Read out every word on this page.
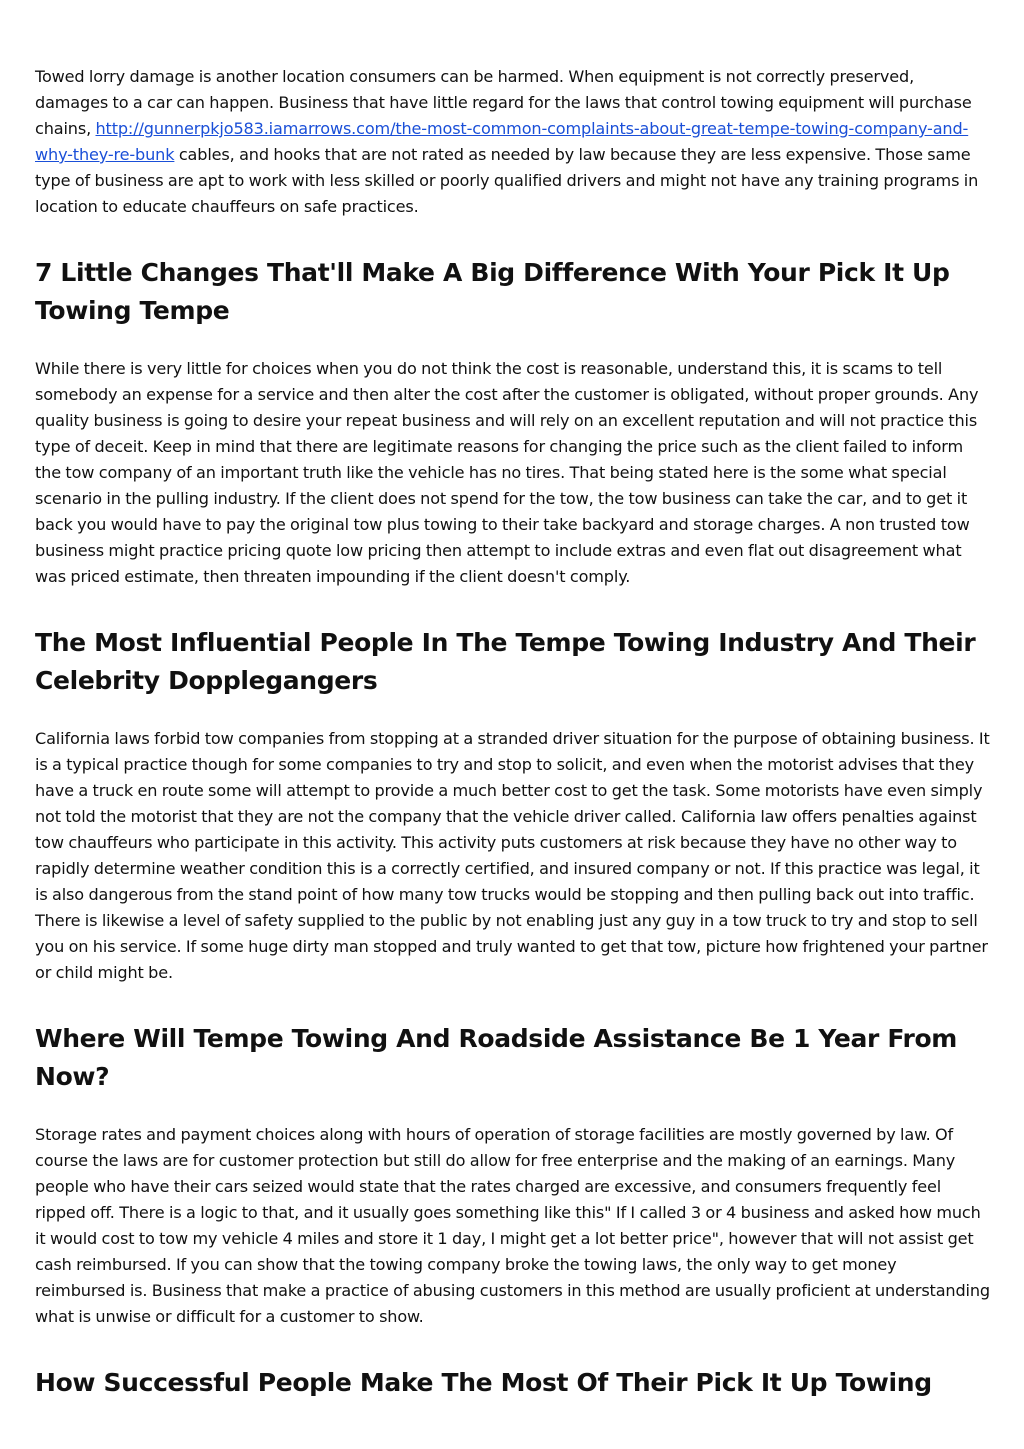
Towed lorry damage is another location consumers can be harmed. When equipment is not correctly preserved, damages to a car can happen. Business that have little regard for the laws that control towing equipment will purchase chains, http://gunnerpkjo583.iamarrows.com/the-most-common-complaints-about-great-tempe-towing-company-and-why-they-re-bunk cables, and hooks that are not rated as needed by law because they are less expensive. Those same type of business are apt to work with less skilled or poorly qualified drivers and might not have any training programs in location to educate chauffeurs on safe practices.

7 Little Changes That'll Make A Big Difference With Your Pick It Up Towing Tempe

While there is very little for choices when you do not think the cost is reasonable, understand this, it is scams to tell somebody an expense for a service and then alter the cost after the customer is obligated, without proper grounds. Any quality business is going to desire your repeat business and will rely on an excellent reputation and will not practice this type of deceit. Keep in mind that there are legitimate reasons for changing the price such as the client failed to inform the tow company of an important truth like the vehicle has no tires. That being stated here is the some what special scenario in the pulling industry. If the client does not spend for the tow, the tow business can take the car, and to get it back you would have to pay the original tow plus towing to their take backyard and storage charges. A non trusted tow business might practice pricing quote low pricing then attempt to include extras and even flat out disagreement what was priced estimate, then threaten impounding if the client doesn't comply.

The Most Influential People In The Tempe Towing Industry And Their Celebrity Dopplegangers

California laws forbid tow companies from stopping at a stranded driver situation for the purpose of obtaining business. It is a typical practice though for some companies to try and stop to solicit, and even when the motorist advises that they have a truck en route some will attempt to provide a much better cost to get the task. Some motorists have even simply not told the motorist that they are not the company that the vehicle driver called. California law offers penalties against tow chauffeurs who participate in this activity. This activity puts customers at risk because they have no other way to rapidly determine weather condition this is a correctly certified, and insured company or not. If this practice was legal, it is also dangerous from the stand point of how many tow trucks would be stopping and then pulling back out into traffic. There is likewise a level of safety supplied to the public by not enabling just any guy in a tow truck to try and stop to sell you on his service. If some huge dirty man stopped and truly wanted to get that tow, picture how frightened your partner or child might be.

Where Will Tempe Towing And Roadside Assistance Be 1 Year From Now?

Storage rates and payment choices along with hours of operation of storage facilities are mostly governed by law. Of course the laws are for customer protection but still do allow for free enterprise and the making of an earnings. Many people who have their cars seized would state that the rates charged are excessive, and consumers frequently feel ripped off. There is a logic to that, and it usually goes something like this" If I called 3 or 4 business and asked how much it would cost to tow my vehicle 4 miles and store it 1 day, I might get a lot better price", however that will not assist get cash reimbursed. If you can show that the towing company broke the towing laws, the only way to get money reimbursed is. Business that make a practice of abusing customers in this method are usually proficient at understanding what is unwise or difficult for a customer to show.

How Successful People Make The Most Of Their Pick It Up Towing
